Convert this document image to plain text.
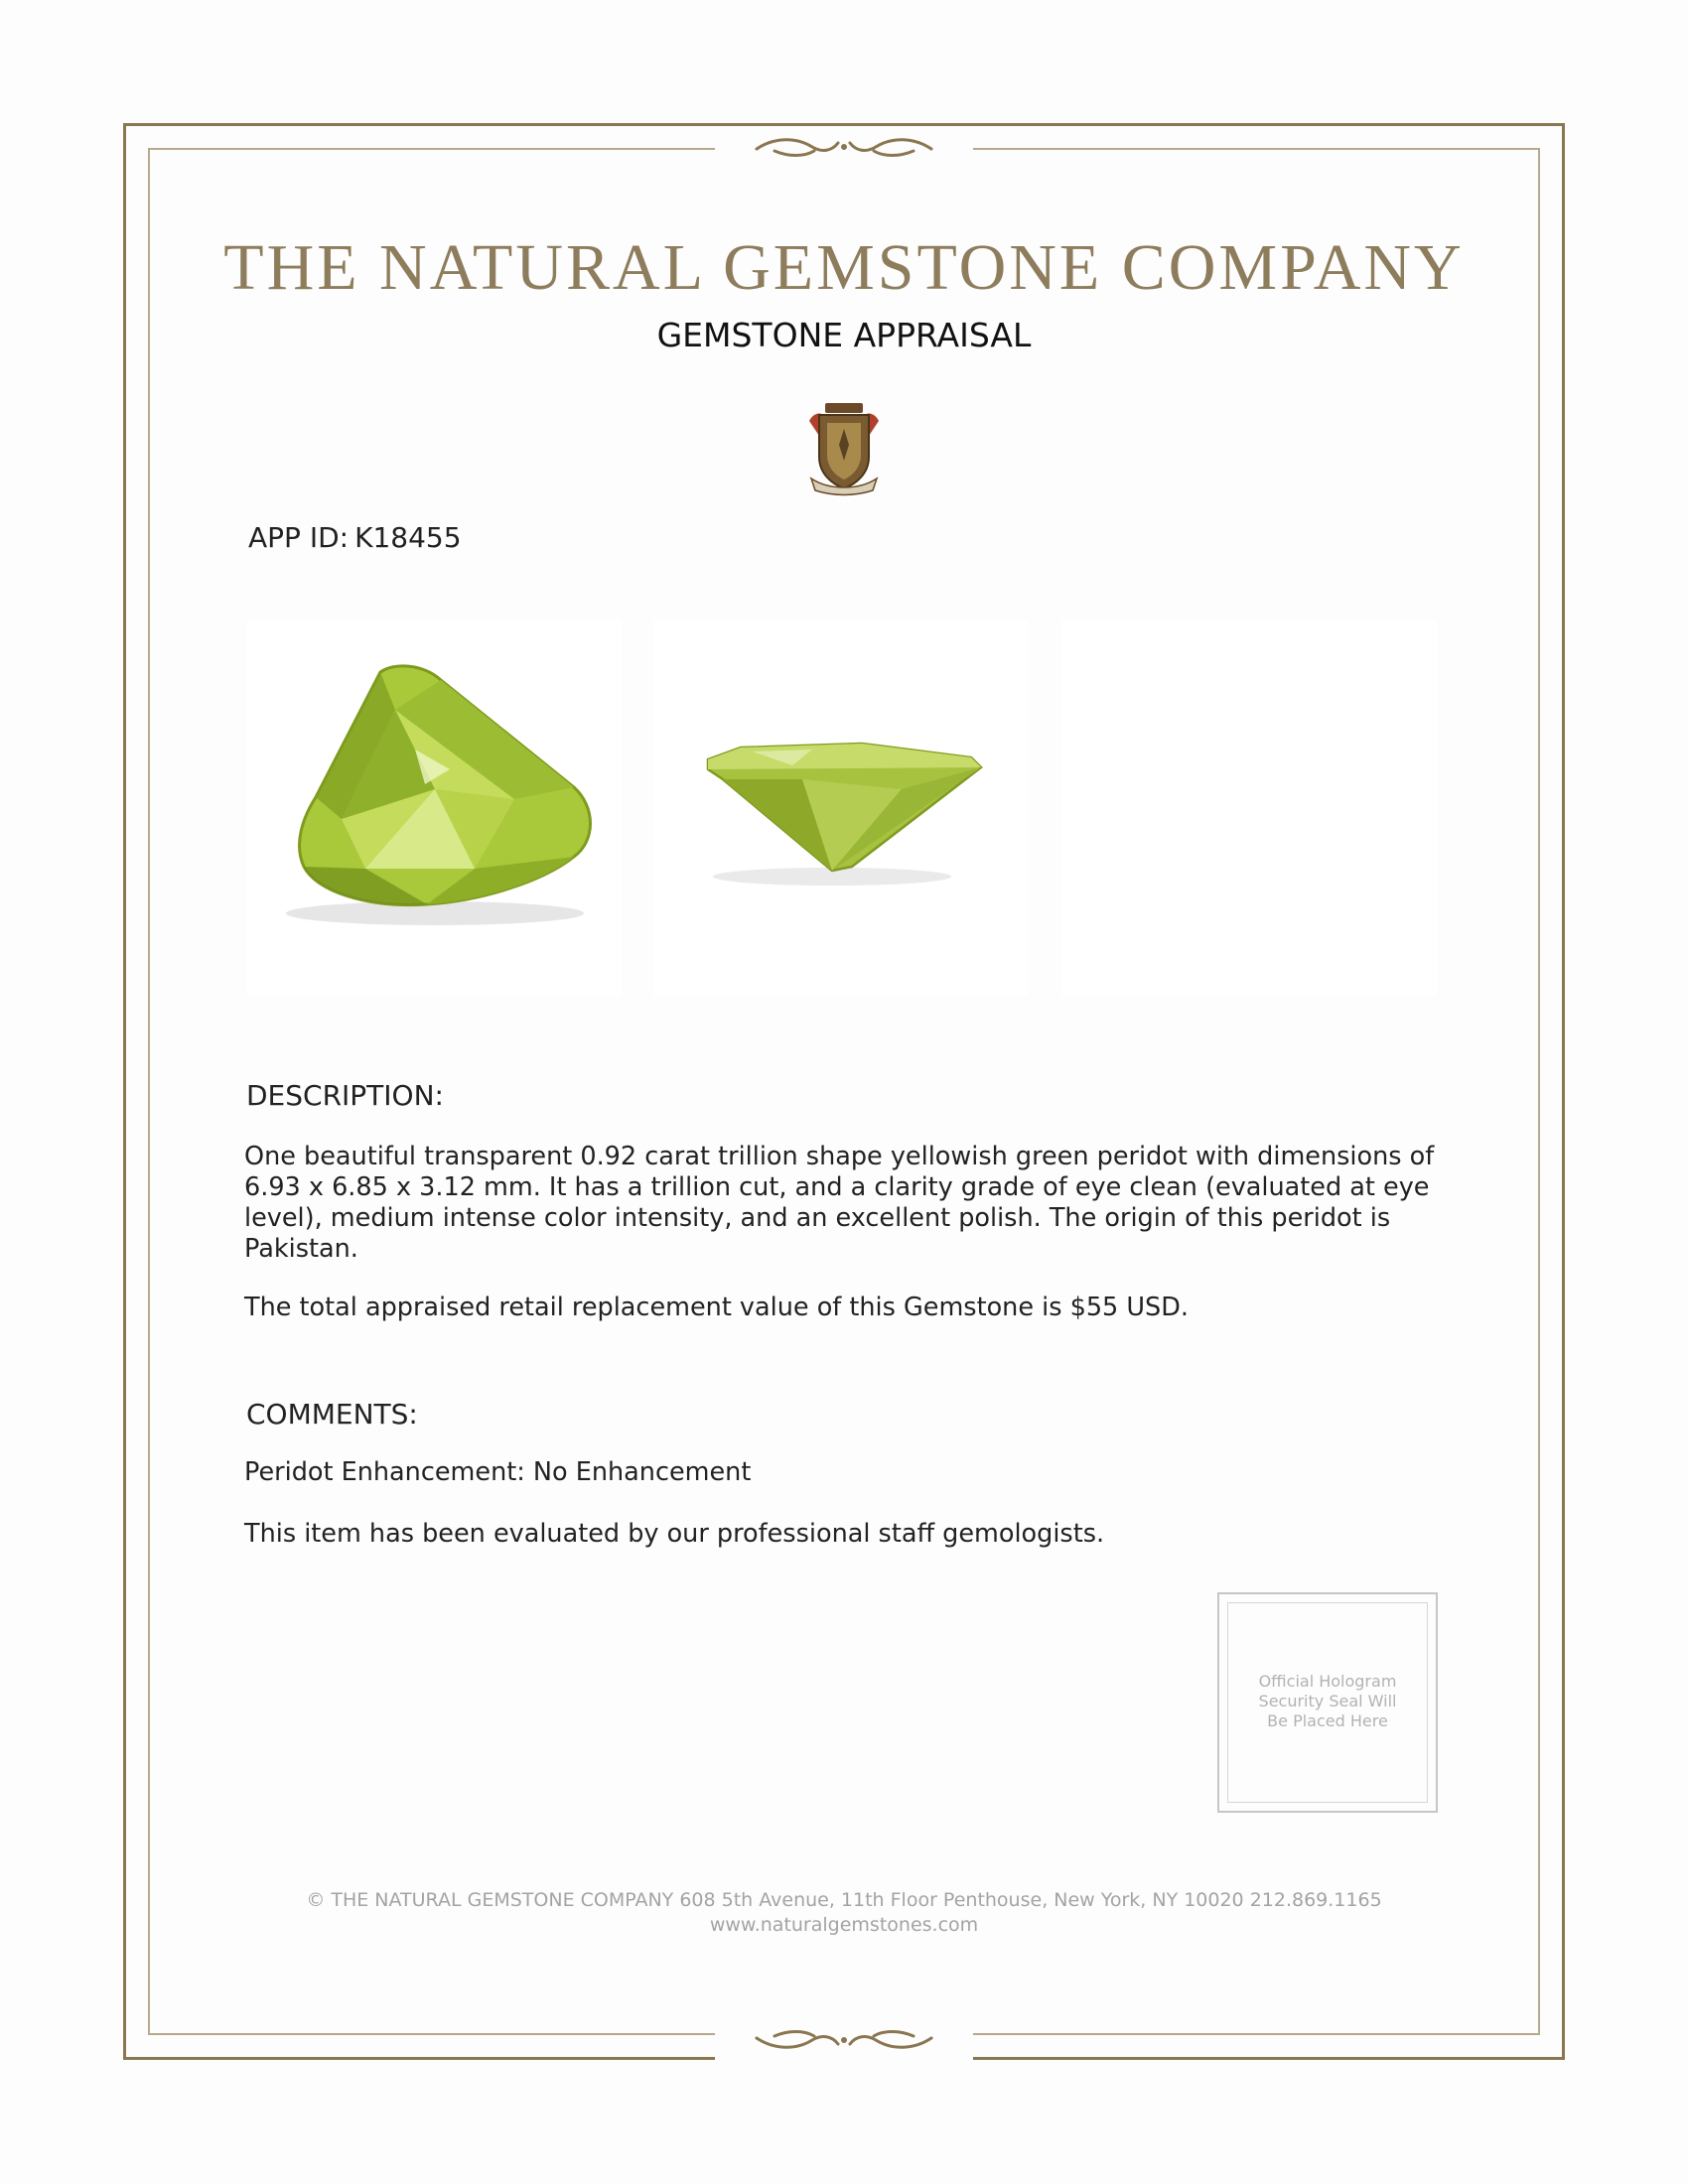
THE NATURAL GEMSTONE COMPANY
GEMSTONE APPRAISAL
APP ID: K18455
DESCRIPTION:
One beautiful transparent 0.92 carat trillion shape yellowish green peridot with dimensions of 6.93 x 6.85 x 3.12 mm. It has a trillion cut, and a clarity grade of eye clean (evaluated at eye level), medium intense color intensity, and an excellent polish. The origin of this peridot is Pakistan.
The total appraised retail replacement value of this Gemstone is $55 USD.
COMMENTS:
Peridot Enhancement: No Enhancement
This item has been evaluated by our professional staff gemologists.
Official Hologram
Security Seal Will
Be Placed Here
© THE NATURAL GEMSTONE COMPANY 608 5th Avenue, 11th Floor Penthouse, New York, NY 10020 212.869.1165
www.naturalgemstones.com
